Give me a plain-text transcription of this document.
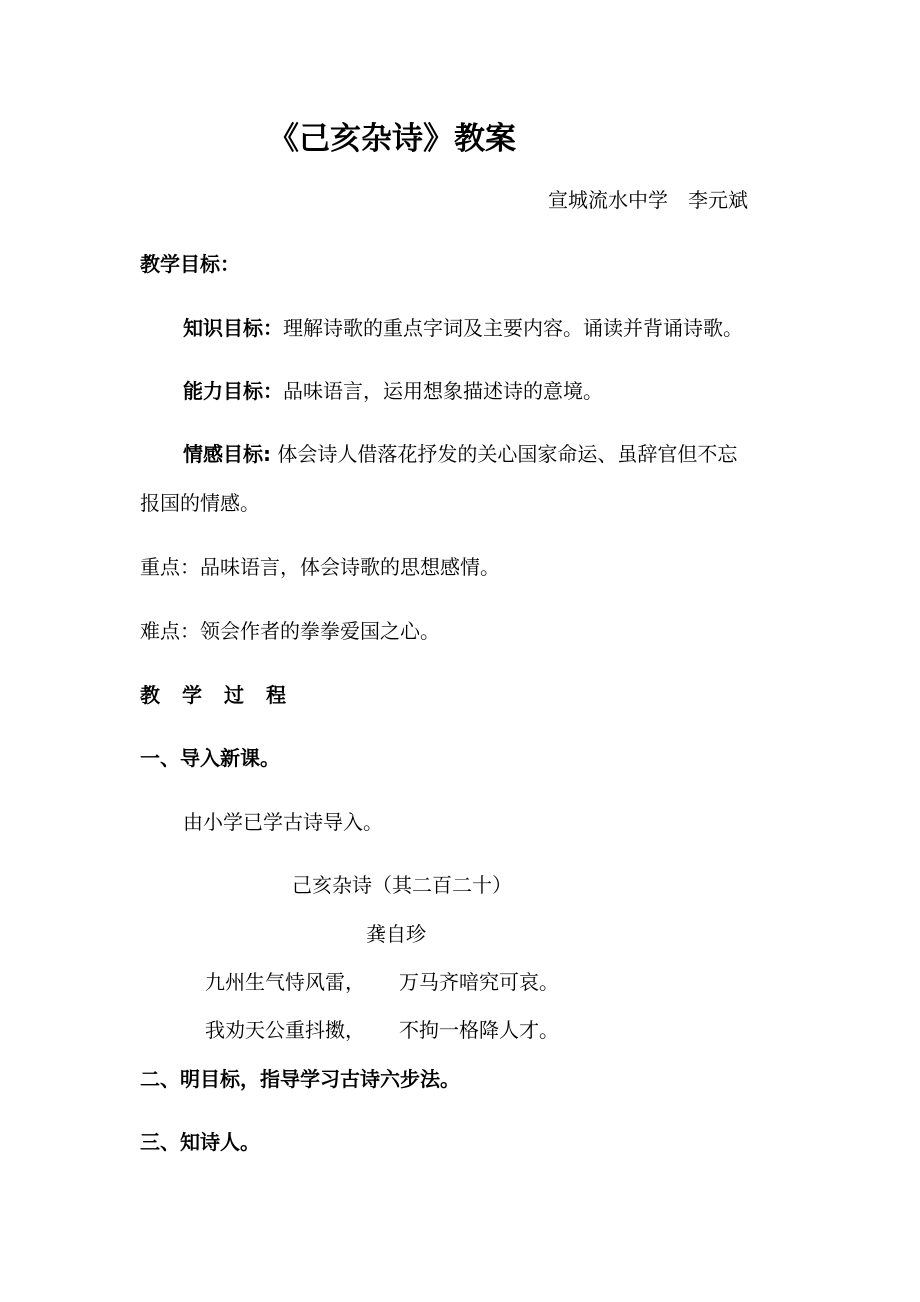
《己亥杂诗》教案
宣城流水中学　李元斌
教学目标：
知识目标：理解诗歌的重点字词及主要内容。诵读并背诵诗歌。
能力目标：品味语言，运用想象描述诗的意境。
情感目标: 体会诗人借落花抒发的关心国家命运、虽辞官但不忘
报国的情感。
重点：品味语言，体会诗歌的思想感情。
难点：领会作者的拳拳爱国之心。
教学过程
一、导入新课。
由小学已学古诗导入。
己亥杂诗（其二百二十）
龚自珍
九州生气恃风雷， 万马齐喑究可哀。
我劝天公重抖擞， 不拘一格降人才。
二、明目标，指导学习古诗六步法。
三、知诗人。
